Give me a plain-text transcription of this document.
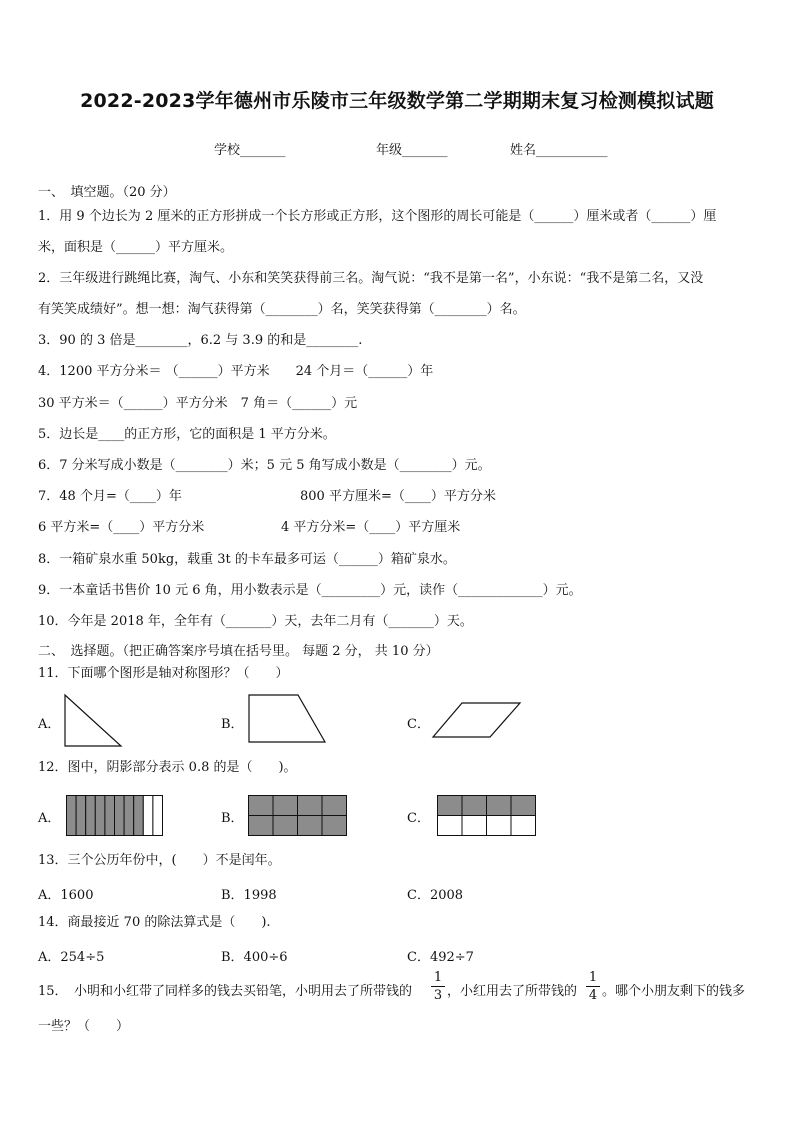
2022-2023学年德州市乐陵市三年级数学第二学期期末复习检测模拟试题
学校_______	年级_______	姓名___________
一、　填空题。（20 分）
1．用 9 个边长为 2 厘米的正方形拼成一个长方形或正方形，这个图形的周长可能是（______）厘米或者（______）厘
米，面积是（______）平方厘米。
2．三年级进行跳绳比赛，淘气、小东和笑笑获得前三名。淘气说：“我不是第一名”，小东说：“我不是第二名，又没
有笑笑成绩好”。想一想：淘气获得第（________）名，笑笑获得第（________）名。
3．90 的 3 倍是________，6.2 与 3.9 的和是________.
4．1200 平方分米＝ （______）平方米　　24 个月＝（______）年
30 平方米＝（______）平方分米　7 角＝（______）元
5．边长是____的正方形，它的面积是 1 平方分米。
6．7 分米写成小数是（________）米；5 元 5 角写成小数是（________）元。
7．48 个月=（____）年	800 平方厘米=（____）平方分米
6 平方米=（____）平方分米	4 平方分米=（____）平方厘米
8．一箱矿泉水重 50kg，载重 3t 的卡车最多可运（______）箱矿泉水。
9．一本童话书售价 10 元 6 角，用小数表示是（_________）元，读作（_____________）元。
10．今年是 2018 年，全年有（_______）天，去年二月有（_______）天。
二、　选择题。（把正确答案序号填在括号里。 每题 2 分， 共 10 分）
11．下面哪个图形是轴对称图形？（　　）
A．	B．	C．
12．图中，阴影部分表示 0.8 的是（　　)。
A．	B．	C．
13．三个公历年份中，(　　）不是闰年。
A．1600	B．1998	C．2008
14．商最接近 70 的除法算式是（　　).
A．254÷5	B．400÷6	C．492÷7
15．　小明和小红带了同样多的钱去买铅笔，小明用去了所带钱的
1
3 ，小红用去了所带钱的
1
4 。哪个小朋友剩下的钱多
一些？（　　）
